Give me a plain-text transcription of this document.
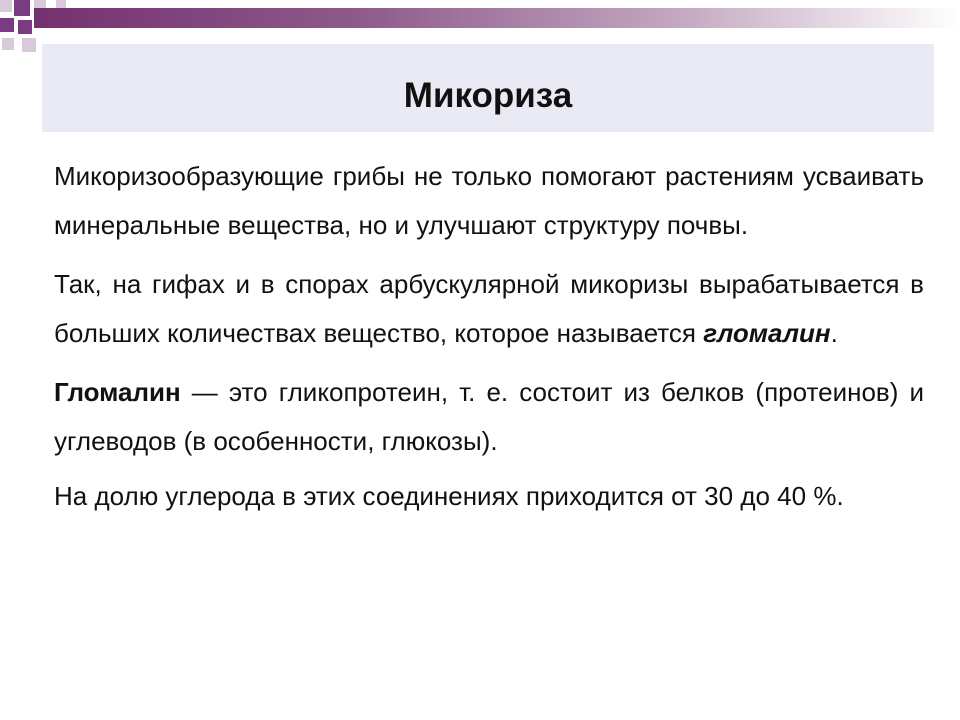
Микориза

Микоризообразующие грибы не только помогают растениям усваивать минеральные вещества, но и улучшают структуру почвы.

Так, на гифах и в спорах арбускулярной микоризы вырабатывается в больших количествах вещество, которое называется гломалин.

Гломалин — это гликопротеин, т. е. состоит из белков (протеинов) и углеводов (в особенности, глюкозы).

На долю углерода в этих соединениях приходится от 30 до 40 %.
